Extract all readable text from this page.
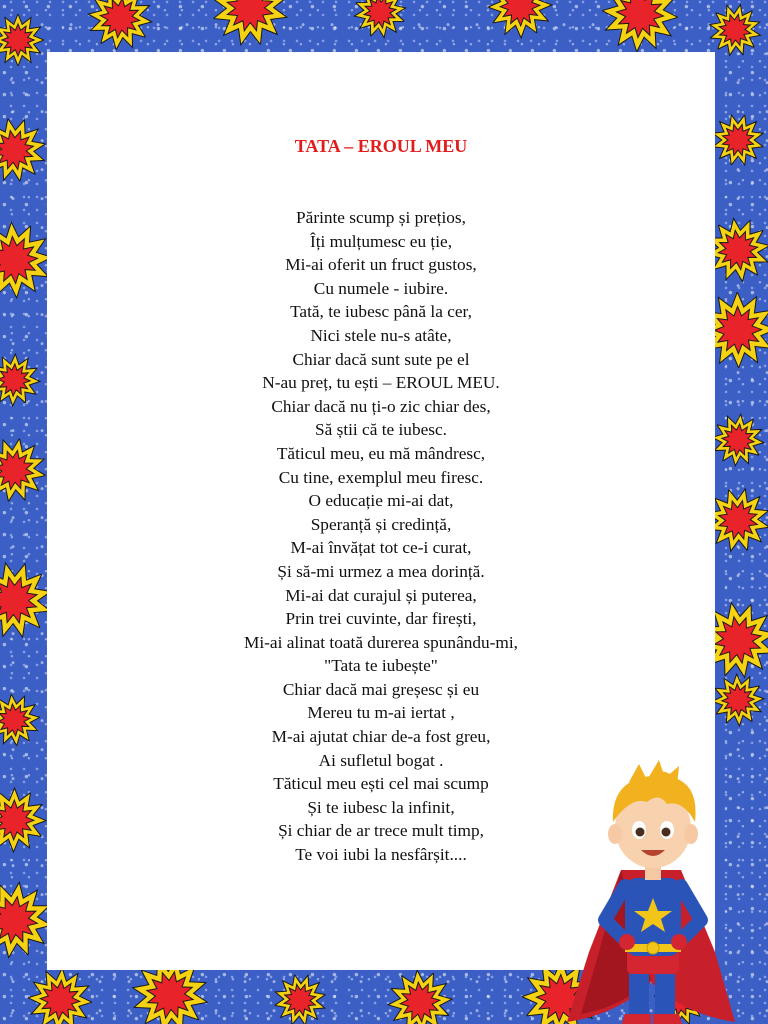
TATA – EROUL MEU
Părinte scump și prețios,
Îți mulțumesc eu ție,
Mi-ai oferit un fruct gustos,
Cu numele - iubire.
Tată, te iubesc până la cer,
Nici stele nu-s atâte,
Chiar dacă sunt sute pe el
N-au preț, tu ești – EROUL MEU.
Chiar dacă nu ți-o zic chiar des,
Să știi că te iubesc.
Tăticul meu, eu mă mândresc,
Cu tine, exemplul meu firesc.
O educație mi-ai dat,
Speranță și credință,
M-ai învățat tot ce-i curat,
Și să-mi urmez a mea dorință.
Mi-ai dat curajul și puterea,
Prin trei cuvinte, dar firești,
Mi-ai alinat toată durerea spunându-mi,
"Tata te iubește"
Chiar dacă mai greșesc și eu
Mereu tu m-ai iertat ,
M-ai ajutat chiar de-a fost greu,
Ai sufletul bogat .
Tăticul meu ești cel mai scump
Și te iubesc la infinit,
Și chiar de ar trece mult timp,
Te voi iubi la nesfârșit....
